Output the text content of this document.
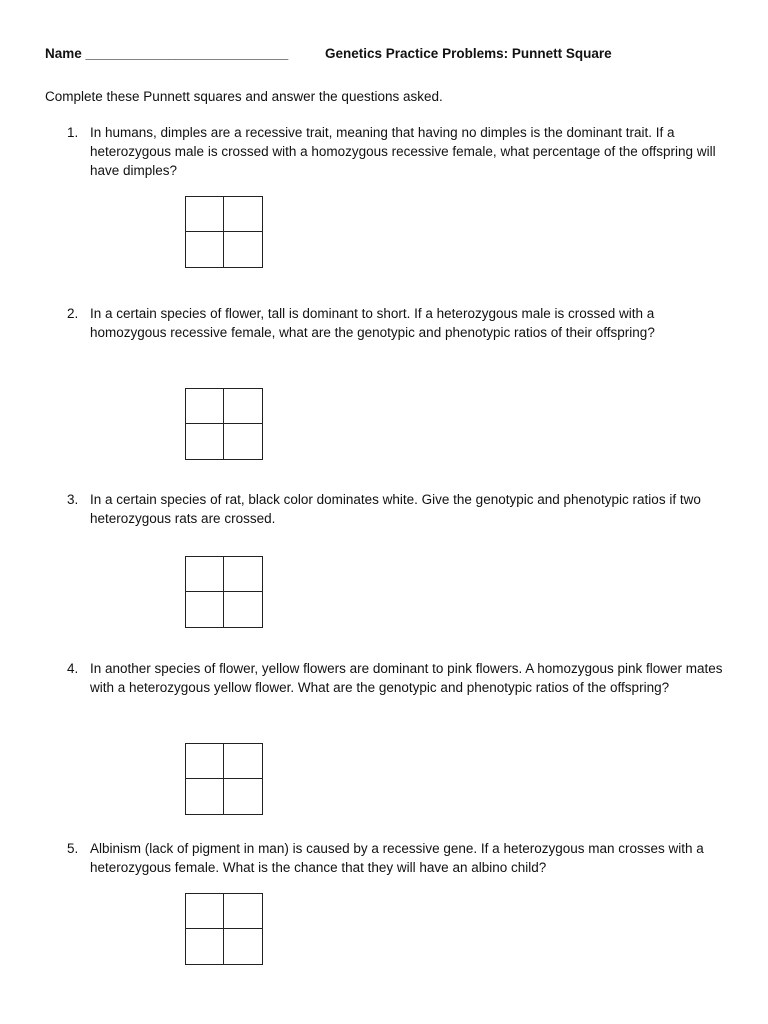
Name ___________________________	Genetics Practice Problems: Punnett Square
Complete these Punnett squares and answer the questions asked.
1. In humans, dimples are a recessive trait, meaning that having no dimples is the dominant trait. If a heterozygous male is crossed with a homozygous recessive female, what percentage of the offspring will have dimples?
2. In a certain species of flower, tall is dominant to short. If a heterozygous male is crossed with a homozygous recessive female, what are the genotypic and phenotypic ratios of their offspring?
3. In a certain species of rat, black color dominates white. Give the genotypic and phenotypic ratios if two heterozygous rats are crossed.
4. In another species of flower, yellow flowers are dominant to pink flowers. A homozygous pink flower mates with a heterozygous yellow flower. What are the genotypic and phenotypic ratios of the offspring?
5. Albinism (lack of pigment in man) is caused by a recessive gene. If a heterozygous man crosses with a heterozygous female. What is the chance that they will have an albino child?
